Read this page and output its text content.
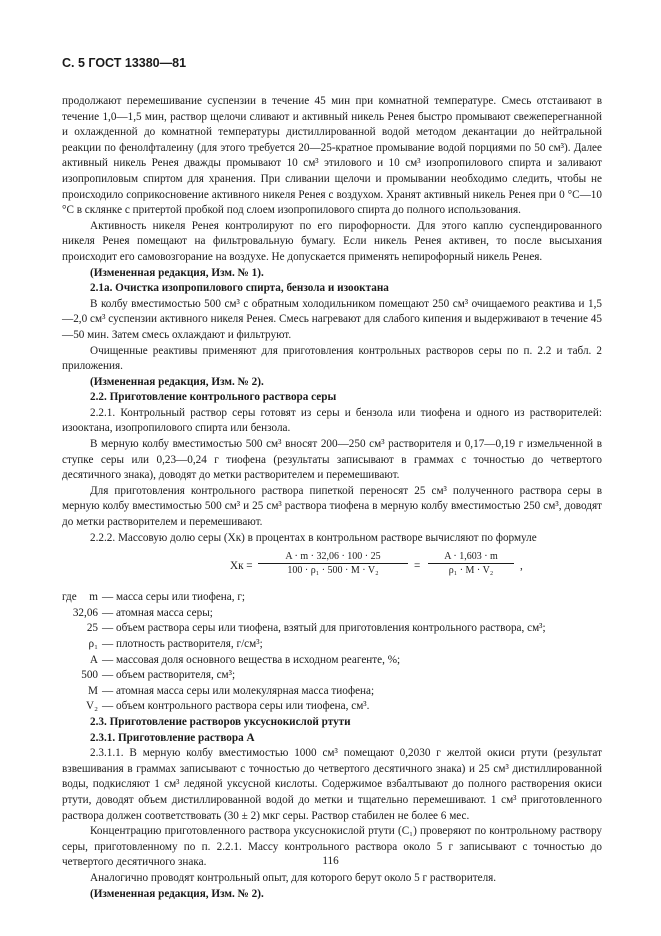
С. 5 ГОСТ 13380—81

продолжают перемешивание суспензии в течение 45 мин при комнатной температуре. Смесь отстаивают в течение 1,0—1,5 мин, раствор щелочи сливают и активный никель Ренея быстро промывают свежеперегнанной и охлажденной до комнатной температуры дистиллированной водой методом декантации до нейтральной реакции по фенолфталеину (для этого требуется 20—25-кратное промывание водой порциями по 50 см³). Далее активный никель Ренея дважды промывают 10 см³ этилового и 10 см³ изопропилового спирта и заливают изопропиловым спиртом для хранения. При сливании щелочи и промывании необходимо следить, чтобы не происходило соприкосновение активного никеля Ренея с воздухом. Хранят активный никель Ренея при 0 °С—10 °С в склянке с притертой пробкой под слоем изопропилового спирта до полного использования.

Активность никеля Ренея контролируют по его пирофорности. Для этого каплю суспендированного никеля Ренея помещают на фильтровальную бумагу. Если никель Ренея активен, то после высыхания происходит его самовозгорание на воздухе. Не допускается применять непирофорный никель Ренея.

(Измененная редакция, Изм. № 1).

2.1а. Очистка изопропилового спирта, бензола и изооктана

В колбу вместимостью 500 см³ с обратным холодильником помещают 250 см³ очищаемого реактива и 1,5—2,0 см³ суспензии активного никеля Ренея. Смесь нагревают для слабого кипения и выдерживают в течение 45—50 мин. Затем смесь охлаждают и фильтруют.

Очищенные реактивы применяют для приготовления контрольных растворов серы по п. 2.2 и табл. 2 приложения.

(Измененная редакция, Изм. № 2).

2.2. Приготовление контрольного раствора серы

2.2.1. Контрольный раствор серы готовят из серы и бензола или тиофена и одного из растворителей: изооктана, изопропилового спирта или бензола.

В мерную колбу вместимостью 500 см³ вносят 200—250 см³ растворителя и 0,17—0,19 г измельченной в ступке серы или 0,23—0,24 г тиофена (результаты записывают в граммах с точностью до четвертого десятичного знака), доводят до метки растворителем и перемешивают.

Для приготовления контрольного раствора пипеткой переносят 25 см³ полученного раствора серы в мерную колбу вместимостью 500 см³ и 25 см³ раствора тиофена в мерную колбу вместимостью 250 см³, доводят до метки растворителем и перемешивают.

2.2.2. Массовую долю серы (Xк) в процентах в контрольном растворе вычисляют по формуле

Xк = $\frac{A \cdot m \cdot 32,06 \cdot 100 \cdot 25}{\text{100 · ρ₁ · 500 · M · V₂}} = \frac{A \cdot 1,603 \cdot m}{\text{ρ₁ · M · V₂}}$ ,
где	m — масса серы или тиофена, г;
32,06 — атомная масса серы;
25 — объем раствора серы или тиофена, взятый для приготовления контрольного раствора, см³;
ρ₁ — плотность растворителя, г/см³;
A — массовая доля основного вещества в исходном реагенте, %;
500 — объем растворителя, см³;
M — атомная масса серы или молекулярная масса тиофена;
V₂ — объем контрольного раствора серы или тиофена, см³.

2.3. Приготовление растворов уксуснокислой ртути

2.3.1. Приготовление раствора А

2.3.1.1. В мерную колбу вместимостью 1000 см³ помещают 0,2030 г желтой окиси ртути (результат взвешивания в граммах записывают с точностью до четвертого десятичного знака) и 25 см³ дистиллированной воды, подкисляют 1 см³ ледяной уксусной кислоты. Содержимое взбалтывают до полного растворения окиси ртути, доводят объем дистиллированной водой до метки и тщательно перемешивают. 1 см³ приготовленного раствора должен соответствовать (30 ± 2) мкг серы. Раствор стабилен не более 6 мес.

Концентрацию приготовленного раствора уксуснокислой ртути (C₁) проверяют по контрольному раствору серы, приготовленному по п. 2.2.1. Массу контрольного раствора около 5 г записывают с точностью до четвертого десятичного знака.

Аналогично проводят контрольный опыт, для которого берут около 5 г растворителя.

(Измененная редакция, Изм. № 2).

116
